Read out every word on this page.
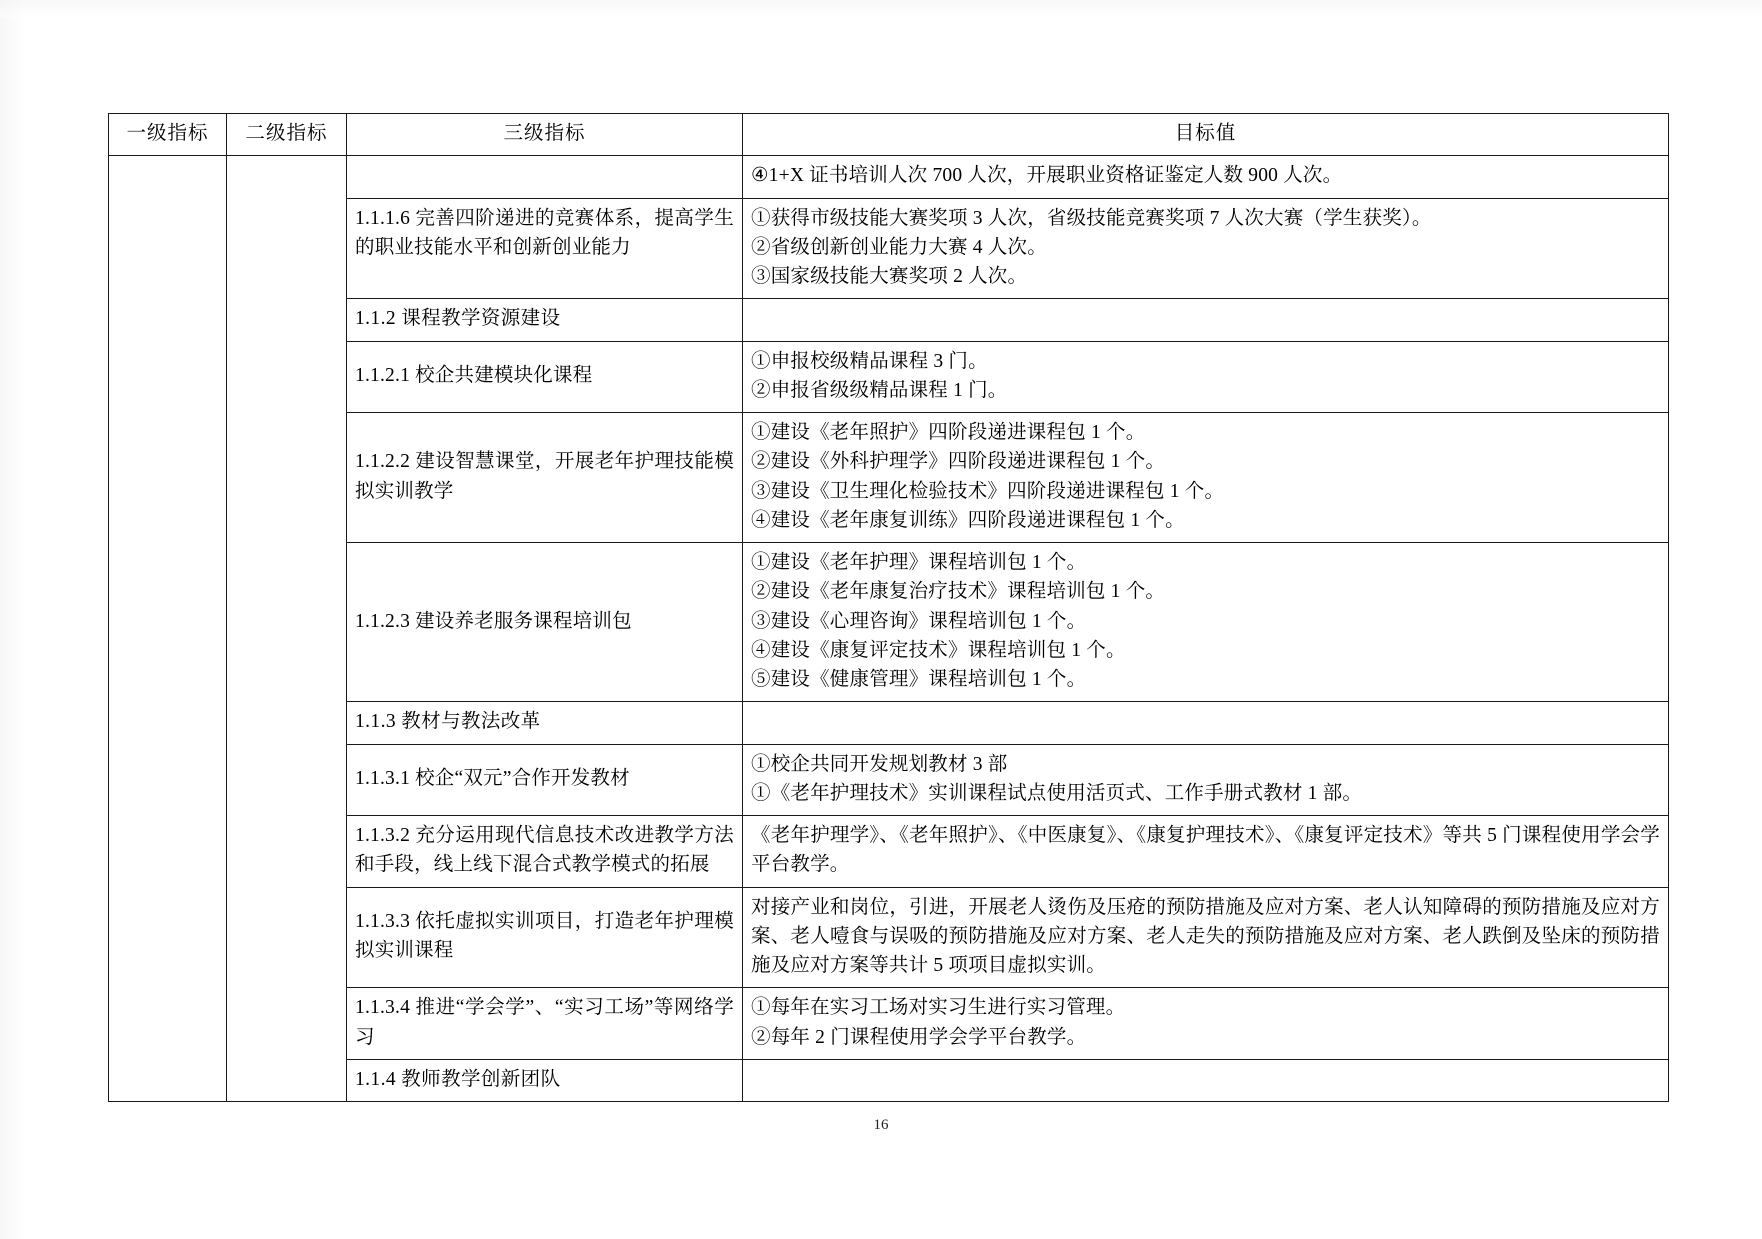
一级指标	二级指标	三级指标	目标值

			④1+X 证书培训人次 700 人次，开展职业资格证鉴定人数 900 人次。

		1.1.1.6 完善四阶递进的竞赛体系，提高学生的职业技能水平和创新创业能力	①获得市级技能大赛奖项 3 人次，省级技能竞赛奖项 7 人次大赛（学生获奖）。
②省级创新创业能力大赛 4 人次。
③国家级技能大赛奖项 2 人次。

		1.1.2 课程教学资源建设	

		1.1.2.1 校企共建模块化课程	①申报校级精品课程 3 门。
②申报省级级精品课程 1 门。

		1.1.2.2 建设智慧课堂，开展老年护理技能模拟实训教学	①建设《老年照护》四阶段递进课程包 1 个。
②建设《外科护理学》四阶段递进课程包 1 个。
③建设《卫生理化检验技术》四阶段递进课程包 1 个。
④建设《老年康复训练》四阶段递进课程包 1 个。

		1.1.2.3 建设养老服务课程培训包	①建设《老年护理》课程培训包 1 个。
②建设《老年康复治疗技术》课程培训包 1 个。
③建设《心理咨询》课程培训包 1 个。
④建设《康复评定技术》课程培训包 1 个。
⑤建设《健康管理》课程培训包 1 个。

		1.1.3 教材与教法改革	

		1.1.3.1 校企“双元”合作开发教材	①校企共同开发规划教材 3 部
①《老年护理技术》实训课程试点使用活页式、工作手册式教材 1 部。

		1.1.3.2 充分运用现代信息技术改进教学方法和手段，线上线下混合式教学模式的拓展	《老年护理学》、《老年照护》、《中医康复》、《康复护理技术》、《康复评定技术》等共 5 门课程使用学会学平台教学。

		1.1.3.3 依托虚拟实训项目，打造老年护理模拟实训课程	对接产业和岗位，引进，开展老人烫伤及压疮的预防措施及应对方案、老人认知障碍的预防措施及应对方案、老人噎食与误吸的预防措施及应对方案、老人走失的预防措施及应对方案、老人跌倒及坠床的预防措施及应对方案等共计 5 项项目虚拟实训。

		1.1.3.4 推进“学会学”、“实习工场”等网络学习	①每年在实习工场对实习生进行实习管理。
②每年 2 门课程使用学会学平台教学。

		1.1.4 教师教学创新团队	

16
